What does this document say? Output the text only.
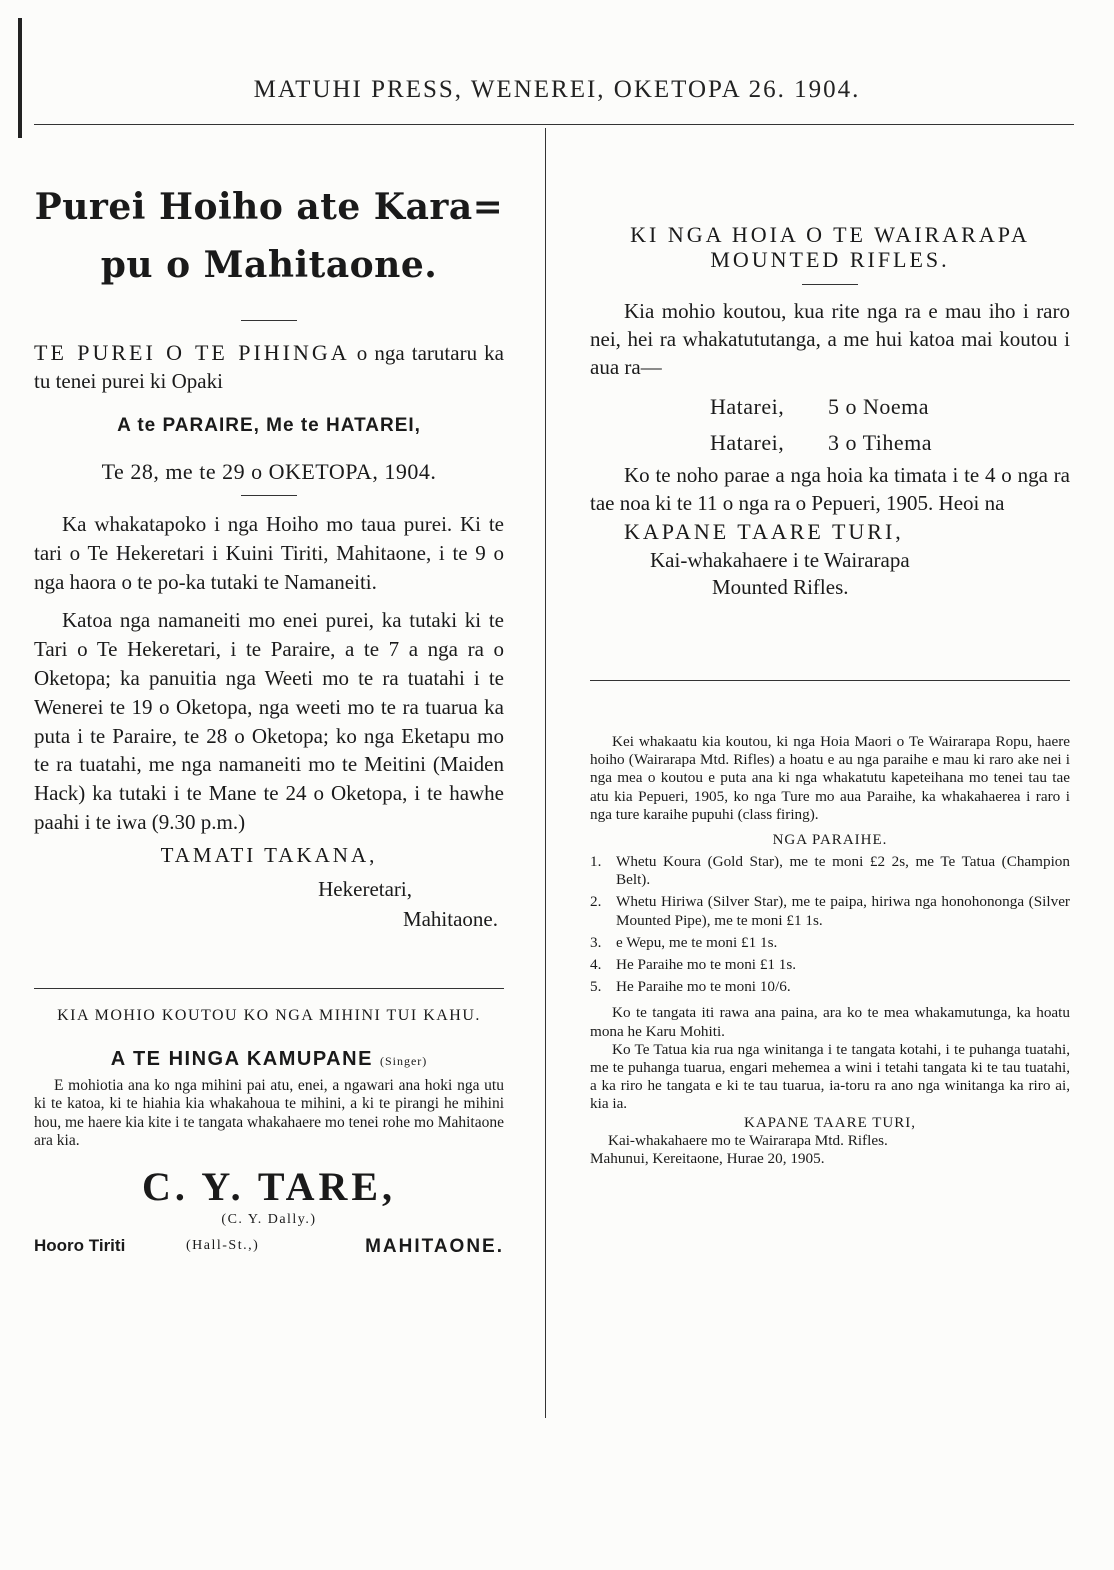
MATUHI PRESS, WENEREI, OKETOPA 26. 1904.
Purei Hoiho ate Kara=
pu o Mahitaone.

TE PUREI O TE PIHINGA o nga tarutaru ka tu tenei purei ki Opaki

A te PARAIRE, Me te HATAREI,
Te 28, me te 29 o OKETOPA, 1904.

Ka whakatapoko i nga Hoiho mo taua purei. Ki te tari o Te Hekeretari i Kuini Tiriti, Mahitaone, i te 9 o nga haora o te po-ka tutaki te Namaneiti.

Katoa nga namaneiti mo enei purei, ka tutaki ki te Tari o Te Hekeretari, i te Paraire, a te 7 a nga ra o Oketopa; ka panuitia nga Weeti mo te ra tuatahi i te Wenerei te 19 o Oketopa, nga weeti mo te ra tuarua ka puta i te Paraire, te 28 o Oketopa; ko nga Eketapu mo te ra tuatahi, me nga namaneiti mo te Meitini (Maiden Hack) ka tutaki i te Mane te 24 o Oketopa, i te hawhe paahi i te iwa (9.30 p.m.)

TAMATI TAKANA,
Hekeretari,
Mahitaone.
KIA MOHIO KOUTOU KO NGA MIHINI TUI KAHU.
A TE HINGA KAMUPANE (Singer)

E mohiotia ana ko nga mihini pai atu, enei, a ngawari ana hoki nga utu ki te katoa, ki te hiahia kia whakahoua te mihini, a ki te pirangi he mihini hou, me haere kia kite i te tangata whakahaere mo tenei rohe mo Mahitaone ara kia.

C. Y. TARE,
(C. Y. Dally.)
Hooro Tiriti	(Hall-St.,)	MAHITAONE.
KI NGA HOIA O TE WAIRARAPA MOUNTED RIFLES.

Kia mohio koutou, kua rite nga ra e mau iho i raro nei, hei ra whakatututanga, a me hui katoa mai koutou i aua ra—

Hatarei, 5 o Noema
Hatarei, 3 o Tihema

Ko te noho parae a nga hoia ka timata i te 4 o nga ra tae noa ki te 11 o nga ra o Pepueri, 1905. Heoi na

KAPANE TAARE TURI,
Kai-whakahaere i te Wairarapa
Mounted Rifles.

Kei whakaatu kia koutou, ki nga Hoia Maori o Te Wairarapa Ropu, haere hoiho (Wairarapa Mtd. Rifles) a hoatu e au nga paraihe e mau ki raro ake nei i nga mea o koutou e puta ana ki nga whakatutu kapeteihana mo tenei tau tae atu kia Pepueri, 1905, ko nga Ture mo aua Paraihe, ka whakahaerea i raro i nga ture karaihe pupuhi (class firing).

NGA PARAIHE.
1. Whetu Koura (Gold Star), me te moni £2 2s, me Te Tatua (Champion Belt).
2. Whetu Hiriwa (Silver Star), me te paipa, hiriwa nga honohononga (Silver Mounted Pipe), me te moni £1 1s.
3. e Wepu, me te moni £1 1s.
4. He Paraihe mo te moni £1 1s.
5. He Paraihe mo te moni 10/6.

Ko te tangata iti rawa ana paina, ara ko te mea whakamutunga, ka hoatu mona he Karu Mohiti.

Ko Te Tatua kia rua nga winitanga i te tangata kotahi, i te puhanga tuatahi, me te puhanga tuarua, engari mehemea a wini i tetahi tangata ki te tau tuatahi, a ka riro he tangata e ki te tau tuarua, ia-toru ra ano nga winitanga ka riro ai, kia ia.

KAPANE TAARE TURI,
Kai-whakahaere mo te Wairarapa Mtd. Rifles.
Mahunui, Kereitaone, Hurae 20, 1905.
